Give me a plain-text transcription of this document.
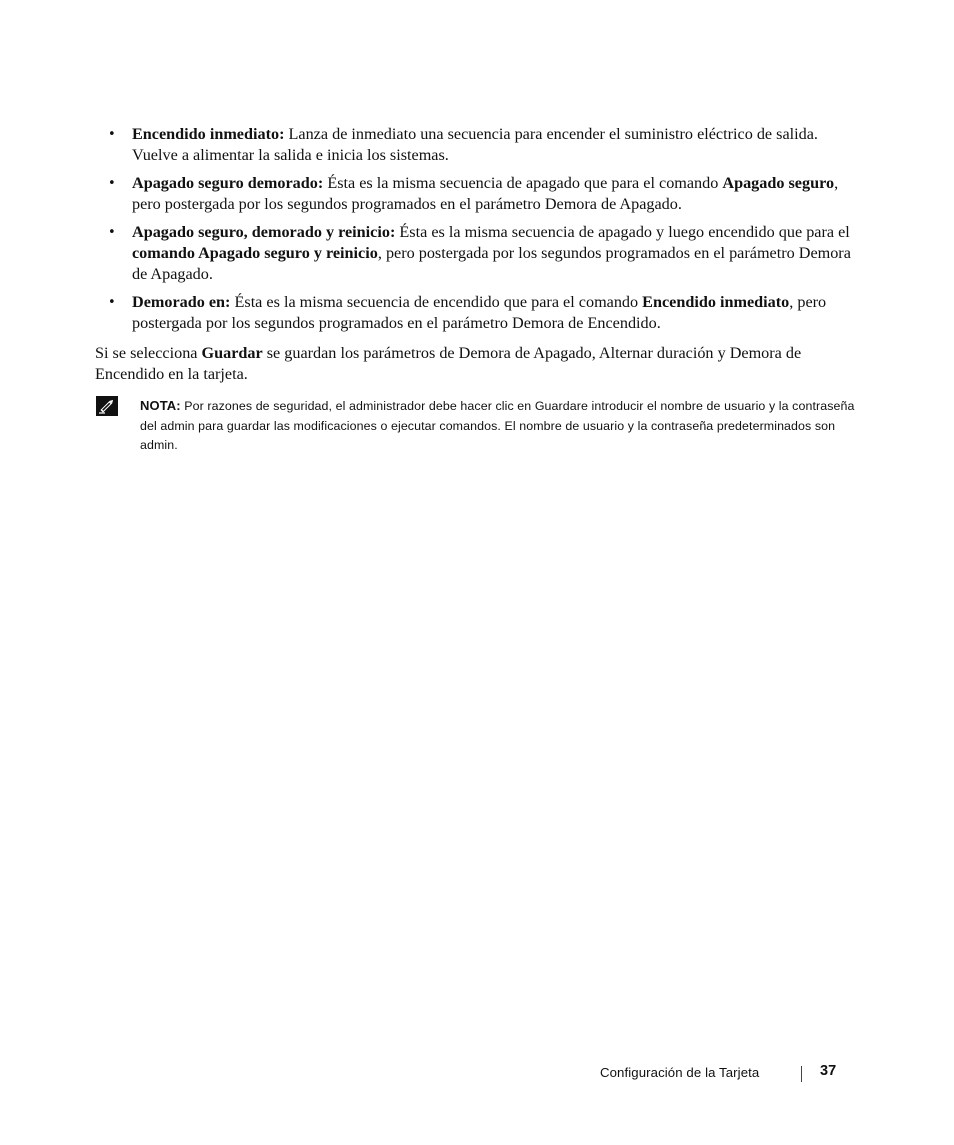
•	Encendido inmediato: Lanza de inmediato una secuencia para encender el suministro eléctrico de salida. Vuelve a alimentar la salida e inicia los sistemas.
•	Apagado seguro demorado: Ésta es la misma secuencia de apagado que para el comando Apagado seguro, pero postergada por los segundos programados en el parámetro Demora de Apagado.
•	Apagado seguro, demorado y reinicio: Ésta es la misma secuencia de apagado y luego encendido que para el comando Apagado seguro y reinicio, pero postergada por los segundos programados en el parámetro Demora de Apagado.
•	Demorado en: Ésta es la misma secuencia de encendido que para el comando Encendido inmediato, pero postergada por los segundos programados en el parámetro Demora de Encendido.

Si se selecciona Guardar se guardan los parámetros de Demora de Apagado, Alternar duración y Demora de Encendido en la tarjeta.

NOTA: Por razones de seguridad, el administrador debe hacer clic en Guardare introducir el nombre de usuario y la contraseña del admin para guardar las modificaciones o ejecutar comandos. El nombre de usuario y la contraseña predeterminados son admin.

Configuración de la Tarjeta	37
